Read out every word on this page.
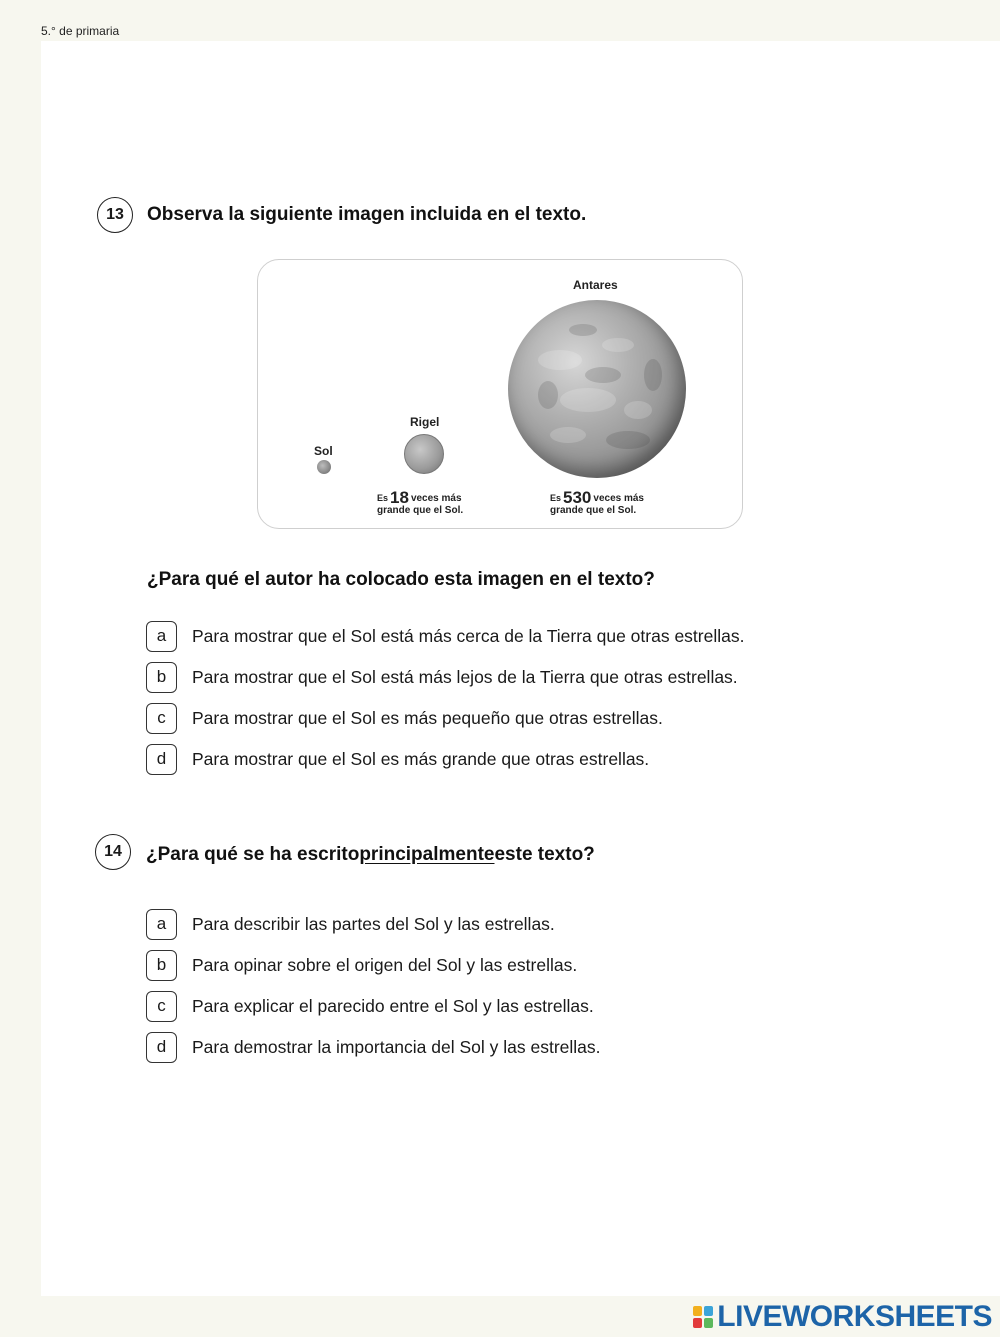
5.° de primaria
13	Observa la siguiente imagen incluida en el texto.
Sol
Rigel
Antares
Es 18 veces más
grande que el Sol.
Es 530 veces más
grande que el Sol.
¿Para qué el autor ha colocado esta imagen en el texto?
a	Para mostrar que el Sol está más cerca de la Tierra que otras estrellas.
b	Para mostrar que el Sol está más lejos de la Tierra que otras estrellas.
c	Para mostrar que el Sol es más pequeño que otras estrellas.
d	Para mostrar que el Sol es más grande que otras estrellas.
14	¿Para qué se ha escritoprincipalmenteeste texto?
a	Para describir las partes del Sol y las estrellas.
b	Para opinar sobre el origen del Sol y las estrellas.
c	Para explicar el parecido entre el Sol y las estrellas.
d	Para demostrar la importancia del Sol y las estrellas.
LIVEWORKSHEETS
